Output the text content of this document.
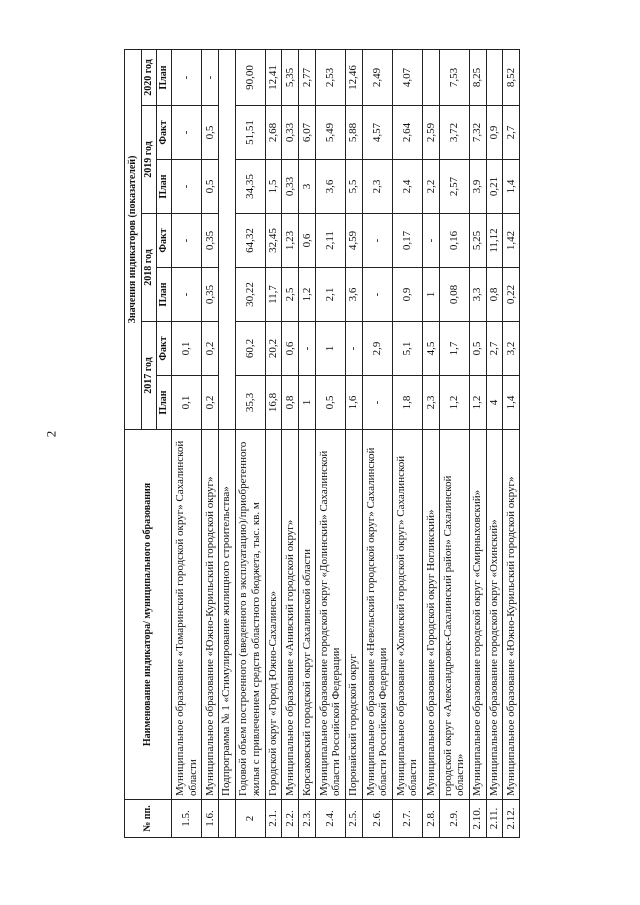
2
№ пп.	Наименование индикатора/ муниципального образования	Значения индикаторов (показателей)						
		2017 год		2018 год		2019 год		2020 год
		План	Факт	План	Факт	План	Факт	План
1.5.	Муниципальное образование «Томаринский городской округ» Сахалинской области	0,1	0,1	-	-	-	-	-
1.6.	Муниципальное образование «Южно-Курильский городской округ»	0,2	0,2	0,35	0,35	0,5	0,5	-
	Подпрограмма № 1 «Стимулирование жилищного строительства»							
2	Годовой объем построенного (введенного в эксплуатацию)/приобретенного жилья с привлечением средств областного бюджета, тыс. кв. м	35,3	60,2	30,22	64,32	34,35	51,51	90,00
2.1.	Городской округ «Город Южно-Сахалинск»	16,8	20,2	11,7	32,45	1,5	2,68	12,41
2.2.	Муниципальное образование «Анивский городской округ»	0,8	0,6	2,5	1,23	0,33	0,33	5,35
2.3.	Корсаковский городской округ Сахалинской области	1	-	1,2	0,6	3	6,07	2,77
2.4.	Муниципальное образование городской округ «Долинский» Сахалинской области Российской Федерации	0,5	1	2,1	2,11	3,6	5,49	2,53
2.5.	Поронайский городской округ	1,6	-	3,6	4,59	5,5	5,88	12,46
2.6.	Муниципальное образование «Невельский городской округ» Сахалинской области Российской Федерации	-	2,9	-	-	2,3	4,57	2,49
2.7.	Муниципальное образование «Холмский городской округ» Сахалинской области	1,8	5,1	0,9	0,17	2,4	2,64	4,07
2.8.	Муниципальное образование «Городской округ Ногликский»	2,3	4,5	1	-	2,2	2,59	
2.9.	городской округ «Александровск-Сахалинский район» Сахалинской области»	1,2	1,7	0,08	0,16	2,57	3,72	7,53
2.10.	Муниципальное образование городской округ «Смирныховский»	1,2	0,5	3,3	5,25	3,9	7,32	8,25
2.11.	Муниципальное образование городской округ «Охинский»	4	2,7	0,8	11,12	0,21	0,9	
2.12.	Муниципальное образование «Южно-Курильский городской округ»	1,4	3,2	0,22	1,42	1,4	2,7	8,52
